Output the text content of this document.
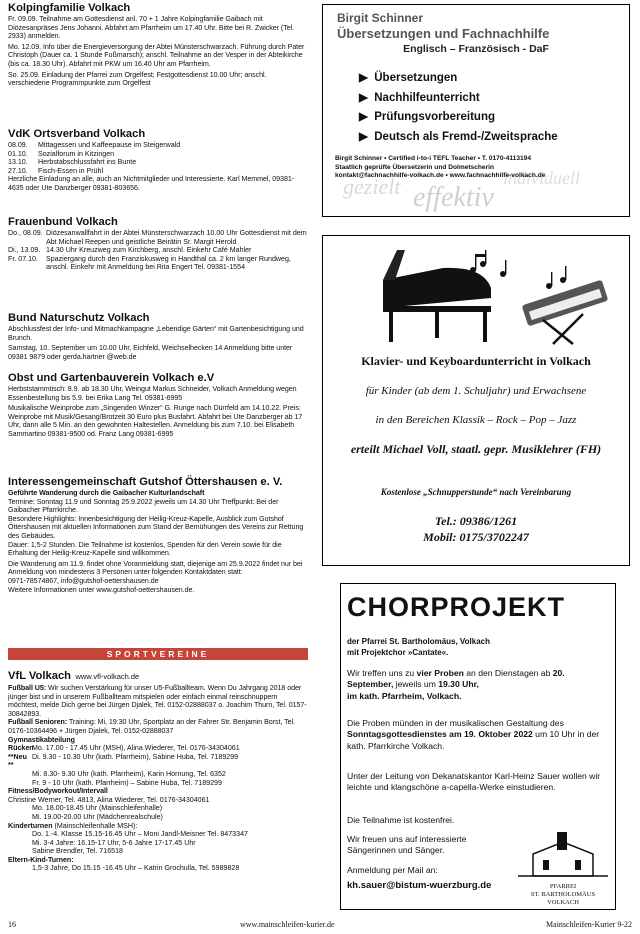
Kolpingfamilie Volkach

Fr. 09.09. Teilnahme am Gottesdienst anl. 70 + 1 Jahre Kolpingfamilie Gaibach mit Diözesanpräses Jens Johanni. Abfahrt am Pfarrheim um 17.40 Uhr. Bitte bei R. Zwicker (Tel. 2933) anmelden.

Mo. 12.09. Info über die Energieversorgung der Abtei Münsterschwarzach. Führung durch Pater Christoph (Dauer ca. 1 Stunde Fußmarsch); anschl. Teilnahme an der Vesper in der Abteikirche (bis ca. 18.30 Uhr). Abfahrt mit PKW um 16.40 Uhr am Pfarrheim.

So. 25.09. Einladung der Pfarrei zum Orgelfest; Festgottesdienst 10.00 Uhr; anschl. verschiedene Programmpunkte zum Orgelfest

VdK Ortsverband Volkach
08.09.	Mittagessen und Kaffeepause im Steigerwald
01.10.	Sozialforum in Kitzingen
13.10.	Herbstabschlussfahrt ins Bunte
27.10.	Fisch-Essen in Prühl

Herzliche Einladung an alle, auch an Nichtmitglieder und Interessierte. Karl Memmel, 09381-4635 oder Ute Danzberger 09381-803656.

Frauenbund Volkach
Do., 08.09. Diözesanwallfahrt in der Abtei Münsterschwarzach 10.00 Uhr Gottesdienst mit dem Abt Michael Reepen und geistliche Beirätin Sr. Margit Herold
Di., 13.09. 14.30 Uhr Kreuzweg zum Kirchberg, anschl. Einkehr Café Mahler
Fr. 07.10.	Spaziergang durch den Franziskusweg in Handthal ca. 2 km langer Rundweg, anschl. Einkehr mit Anmeldung bei Rita Engert Tel. 09381-1554
Bund Naturschutz Volkach

Abschlussfest der Info- und Mitmachkampagne „Lebendige Gärten“ mit Gartenbesichtigung und Brunch.

Samstag, 10. September um 10.00 Uhr, Eichfeld, Weichselhecken 14 Anmeldung bitte unter 09381 9879 oder gerda.hartner @web.de

Obst und Gartenbauverein Volkach e.V

Herbststammtisch: 8.9. ab 18.30 Uhr, Weingut Markus Schneider, Volkach Anmeldung wegen Essenbestellung bis 5.9. bei Erika Lang Tel. 09381-6995

Musikalische Weinprobe zum „Singenden Winzer“ G. Runge nach Dürrfeld am 14.10.22. Preis: Weinprobe mit Musik/Gesang/Brotzeit 30 Euro plus Busfahrt. Abfahrt bei Ute Danzberger ab 17 Uhr, dann alle 5 Min. an den gewohnten Haltestellen. Anmeldung bis zum 7.10. bei Elisabeth Sammartino 09381-9500 od. Franz Lang 09381-6995

Interessengemeinschaft Gutshof Öttershausen e. V.

Geführte Wanderung durch die Gaibacher Kulturlandschaft

Termine: Sonntag 11.9 und Sonntag 25.9.2022 jeweils um 14.30 Uhr Treffpunkt: Bei der Gaibacher Pfarrkirche.

Besondere Highlights: Innenbesichtigung der Heilig-Kreuz-Kapelle, Ausblick zum Gutshof Öttershausen mit aktuellen Informationen zum Stand der Bemühungen des Vereins zur Rettung des Gebäudes.

Dauer: 1,5-2 Stunden. Die Teilnahme ist kostenlos, Spenden für den Verein sowie für die Erhaltung der Heilig-Kreuz-Kapelle sind willkommen.

Die Wanderung am 11.9. findet ohne Voranmeldung statt, diejenige am 25.9.2022 findet nur bei Anmeldung von mindestens 3 Personen unter folgenden Kontaktdaten statt:

0971-78574867, info@gutshof-oettershausen.de

Weitere Informationen unter www.gutshof-oettershausen.de.

SPORTVEREINE
VfL Volkach www.vfl-volkach.de

Fußball U5: Wir suchen Verstärkung für unser U5-Fußballteam. Wenn Du Jahrgang 2018 oder jünger bist und in unserem Fußballteam mitspielen oder einfach einmal reinschnuppern möchtest, melde Dich gerne bei Jürgen Djalek, Tel. 0152-02888037 o. Joachim Thurn, Tel. 0157-30842893.

Fußball Senioren: Training: Mi, 19:30 Uhr, Sportplatz an der Fahrer Str. Benjamin Borst, Tel. 0176-10364496 + Jürgen Djalek, Tel. 0152-02888037

Gymnastikabteilung

Rücken
Mo. 17.00 - 17.45 Uhr (MSH), Alina Wiederer, Tel. 0176-34304061
**Neu **
Di. 9.30 - 10.30 Uhr (kath. Pfarrheim), Sabine Huba, Tel. 7189299
Mi. 8.30- 9.30 Uhr (kath. Pfarrheim), Karin Hornung, Tel. 6352
Fr. 9 - 10 Uhr (kath. Pfarrheim) – Sabine Huba, Tel. 7189299

Fitness/Bodyworkout/Intervall

Christine Werner, Tel. 4813, Alina Wiederer, Tel. 0176-34304061
Mo. 18.00-18.45 Uhr (Mainschleifenhalle)
Mi. 19.00-20.00 Uhr (Mädchenrealschule)
Kinderturnen
(Mainschleifenhalle MSH):
Do. 1.-4. Klasse 15.15-16.45 Uhr – Moni Jandl-Meisner Tel. 8473347
Mi. 3-4 Jahre: 16.15-17 Uhr, 5-6 Jahre 17-17.45 Uhr
Sabine Brendler, Tel. 716518

Eltern-Kind-Turnen:

1,5-3 Jahre, Do 15.15 -16.45 Uhr – Katrin Grochulla, Tel. 5989828
gezielt effektiv
individuell
Birgit Schinner
Übersetzungen und Fachnachhilfe
Englisch – Französisch - DaF
▶ Übersetzungen
▶ Nachhilfeunterricht
▶ Prüfungsvorbereitung
▶ Deutsch als Fremd-/Zweitsprache
Birgit Schinner • Certified i-to-i TEFL Teacher • T. 0170-4113194
Staatlich geprüfte Übersetzerin und Dolmetscherin
kontakt@fachnachhilfe-volkach.de • www.fachnachhilfe-volkach.de
Klavier- und Keyboardunterricht in Volkach
für Kinder (ab dem 1. Schuljahr) und Erwachsene
in den Bereichen Klassik – Rock – Pop – Jazz
erteilt Michael Voll, staatl. gepr. Musiklehrer (FH)
Kostenlose „Schnupperstunde“ nach Vereinbarung
Tel.: 09386/1261
Mobil: 0175/3702247
CHORPROJEKT
der Pfarrei St. Bartholomäus, Volkach
mit Projektchor »Cantate«.
Wir treffen uns zu vier Proben an den Dienstagen ab 20. September, jeweils um 19.30 Uhr,
im kath. Pfarrheim, Volkach.
Die Proben münden in der musikalischen Gestaltung des Sonntagsgottesdienstes am 19. Oktober 2022 um 10 Uhr in der kath. Pfarrkirche Volkach.
Unter der Leitung von Dekanatskantor Karl-Heinz Sauer wollen wir leichte und klangschöne a-capella-Werke einstudieren.
Die Teilnahme ist kostenfrei.
Wir freuen uns auf interessierte Sängerinnen und Sänger.
Anmeldung per Mail an:
kh.sauer@bistum-wuerzburg.de	PFARREI
ST. BARTHOLOMÄUS
VOLKACH
16	www.mainschleifen-kurier.de	Mainschleifen-Kurier 9-22
